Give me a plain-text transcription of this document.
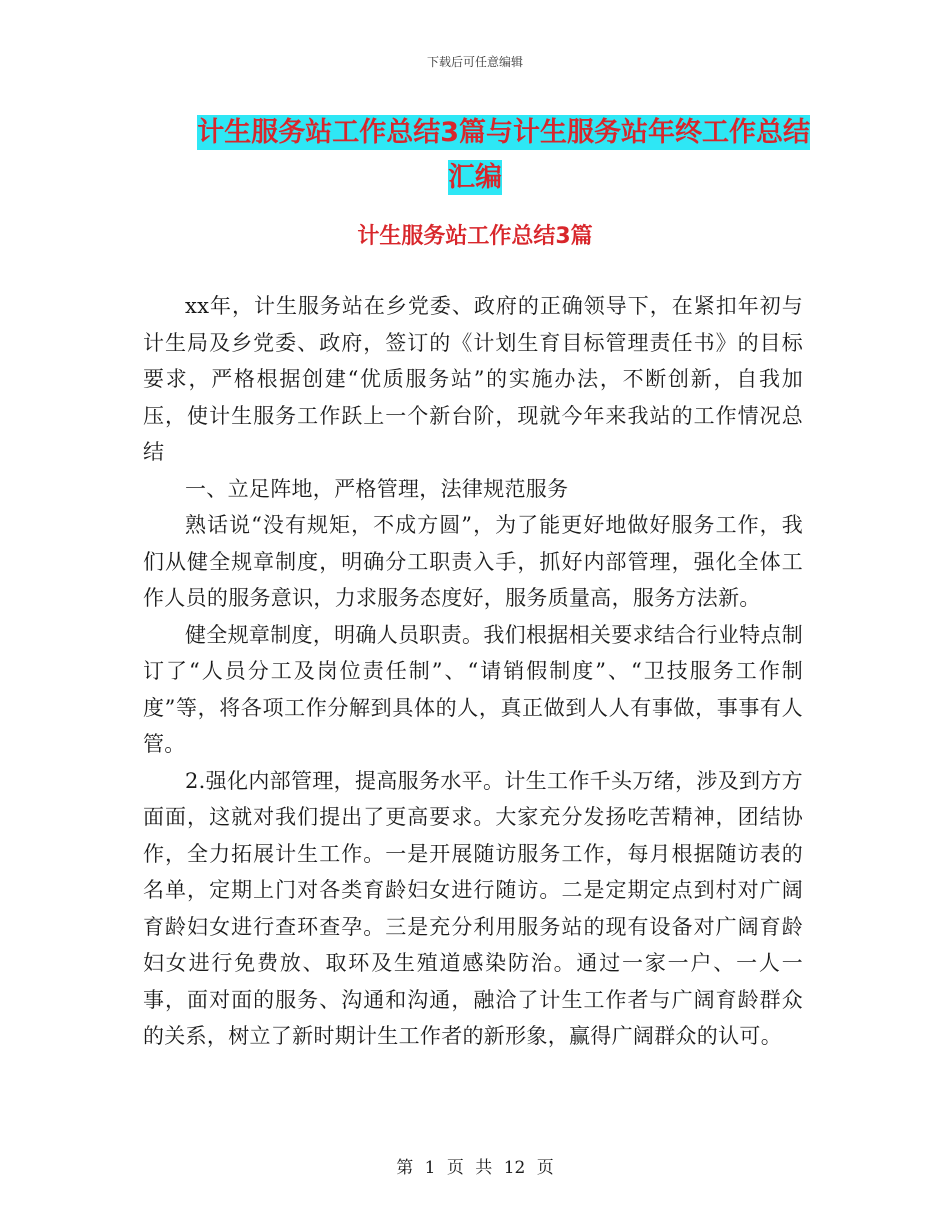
下载后可任意编辑
计生服务站工作总结3篇与计生服务站年终工作总结
汇编
计生服务站工作总结3篇

xx年，计生服务站在乡党委、政府的正确领导下，在紧扣年初与计生局及乡党委、政府，签订的《计划生育目标管理责任书》的目标要求，严格根据创建“优质服务站”的实施办法，不断创新，自我加压，使计生服务工作跃上一个新台阶，现就今年来我站的工作情况总结

一、立足阵地，严格管理，法律规范服务

熟话说“没有规矩，不成方圆”，为了能更好地做好服务工作，我们从健全规章制度，明确分工职责入手，抓好内部管理，强化全体工作人员的服务意识，力求服务态度好，服务质量高，服务方法新。

健全规章制度，明确人员职责。我们根据相关要求结合行业特点制订了“人员分工及岗位责任制”、“请销假制度”、“卫技服务工作制度”等，将各项工作分解到具体的人，真正做到人人有事做，事事有人管。

2.强化内部管理，提高服务水平。计生工作千头万绪，涉及到方方面面，这就对我们提出了更高要求。大家充分发扬吃苦精神，团结协作，全力拓展计生工作。一是开展随访服务工作，每月根据随访表的名单，定期上门对各类育龄妇女进行随访。二是定期定点到村对广阔育龄妇女进行查环查孕。三是充分利用服务站的现有设备对广阔育龄妇女进行免费放、取环及生殖道感染防治。通过一家一户、一人一事，面对面的服务、沟通和沟通，融洽了计生工作者与广阔育龄群众的关系，树立了新时期计生工作者的新形象，赢得广阔群众的认可。

第 1 页 共 12 页
